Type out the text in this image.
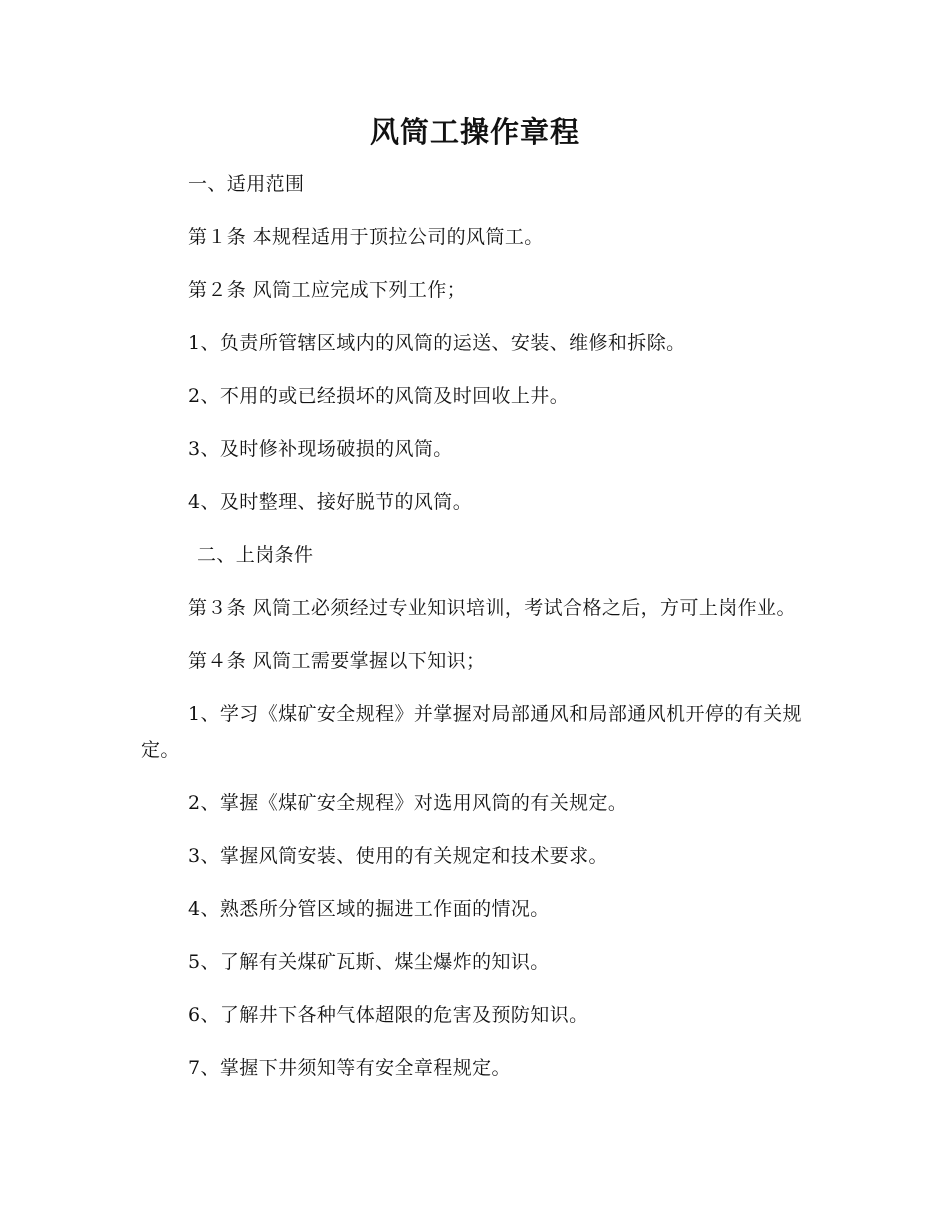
风筒工操作章程

一、适用范围

第１条 本规程适用于顶拉公司的风筒工。

第２条 风筒工应完成下列工作；

1、负责所管辖区域内的风筒的运送、安装、维修和拆除。

2、不用的或已经损坏的风筒及时回收上井。

3、及时修补现场破损的风筒。

4、及时整理、接好脱节的风筒。

二、上岗条件

第３条 风筒工必须经过专业知识培训，考试合格之后，方可上岗作业。

第４条 风筒工需要掌握以下知识；

1、学习《煤矿安全规程》并掌握对局部通风和局部通风机开停的有关规定。

2、掌握《煤矿安全规程》对选用风筒的有关规定。

3、掌握风筒安装、使用的有关规定和技术要求。

4、熟悉所分管区域的掘进工作面的情况。

5、了解有关煤矿瓦斯、煤尘爆炸的知识。

6、了解井下各种气体超限的危害及预防知识。

7、掌握下井须知等有安全章程规定。
